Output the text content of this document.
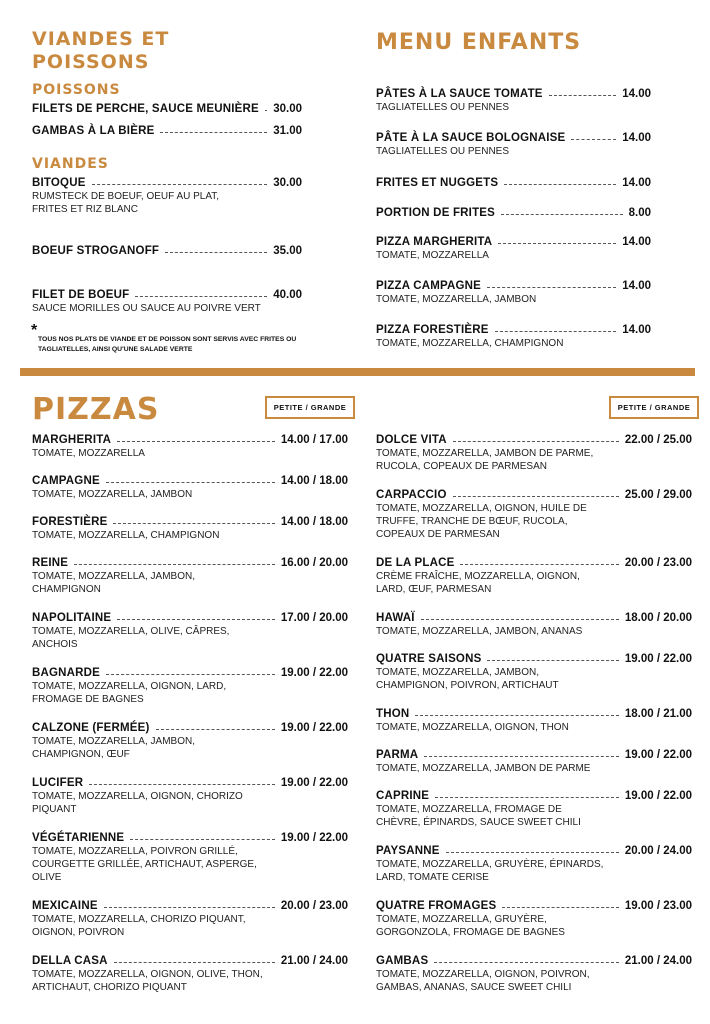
VIANDES ET
POISSONS
POISSONS
FILETS DE PERCHE, SAUCE MEUNIÈRE 30.00
GAMBAS À LA BIÈRE	31.00
VIANDES
BITOQUE	30.00
RUMSTECK DE BOEUF, OEUF AU PLAT, FRITES ET RIZ BLANC
BOEUF STROGANOFF	35.00
FILET DE BOEUF	40.00
SAUCE MORILLES OU SAUCE AU POIVRE VERT
*
TOUS NOS PLATS DE VIANDE ET DE POISSON SONT SERVIS AVEC FRITES OU TAGLIATELLES, AINSI QU'UNE SALADE VERTE
MENU ENFANTS
PÂTES À LA SAUCE TOMATE	14.00
TAGLIATELLES OU PENNES
PÂTE À LA SAUCE BOLOGNAISE	14.00
TAGLIATELLES OU PENNES
FRITES ET NUGGETS	14.00
PORTION DE FRITES	8.00
PIZZA MARGHERITA	14.00
TOMATE, MOZZARELLA
PIZZA CAMPAGNE	14.00
TOMATE, MOZZARELLA, JAMBON
PIZZA FORESTIÈRE	14.00
TOMATE, MOZZARELLA, CHAMPIGNON
PIZZAS	PETITE / GRANDE	PETITE / GRANDE
MARGHERITA	14.00 / 17.00
TOMATE, MOZZARELLA
CAMPAGNE	14.00 / 18.00
TOMATE, MOZZARELLA, JAMBON
FORESTIÈRE	14.00 / 18.00
TOMATE, MOZZARELLA, CHAMPIGNON
REINE	16.00 / 20.00
TOMATE, MOZZARELLA, JAMBON, CHAMPIGNON
NAPOLITAINE	17.00 / 20.00
TOMATE, MOZZARELLA, OLIVE, CÂPRES, ANCHOIS
BAGNARDE	19.00 / 22.00
TOMATE, MOZZARELLA, OIGNON, LARD, FROMAGE DE BAGNES
CALZONE (FERMÉE)	19.00 / 22.00
TOMATE, MOZZARELLA, JAMBON, CHAMPIGNON, ŒUF
LUCIFER	19.00 / 22.00
TOMATE, MOZZARELLA, OIGNON, CHORIZO PIQUANT
VÉGÉTARIENNE	19.00 / 22.00
TOMATE, MOZZARELLA, POIVRON GRILLÉ, COURGETTE GRILLÉE, ARTICHAUT, ASPERGE, OLIVE
MEXICAINE	20.00 / 23.00
TOMATE, MOZZARELLA, CHORIZO PIQUANT, OIGNON, POIVRON
DELLA CASA	21.00 / 24.00
TOMATE, MOZZARELLA, OIGNON, OLIVE, THON, ARTICHAUT, CHORIZO PIQUANT
DOLCE VITA	22.00 / 25.00
TOMATE, MOZZARELLA, JAMBON DE PARME, RUCOLA, COPEAUX DE PARMESAN
CARPACCIO	25.00 / 29.00
TOMATE, MOZZARELLA, OIGNON, HUILE DE TRUFFE, TRANCHE DE BŒUF, RUCOLA, COPEAUX DE PARMESAN
DE LA PLACE	20.00 / 23.00
CRÈME FRAÎCHE, MOZZARELLA, OIGNON, LARD, ŒUF, PARMESAN
HAWAÏ	18.00 / 20.00
TOMATE, MOZZARELLA, JAMBON, ANANAS
QUATRE SAISONS	19.00 / 22.00
TOMATE, MOZZARELLA, JAMBON, CHAMPIGNON, POIVRON, ARTICHAUT
THON	18.00 / 21.00
TOMATE, MOZZARELLA, OIGNON, THON
PARMA	19.00 / 22.00
TOMATE, MOZZARELLA, JAMBON DE PARME
CAPRINE	19.00 / 22.00
TOMATE, MOZZARELLA, FROMAGE DE CHÈVRE, ÉPINARDS, SAUCE SWEET CHILI
PAYSANNE	20.00 / 24.00
TOMATE, MOZZARELLA, GRUYÈRE, ÉPINARDS, LARD, TOMATE CERISE
QUATRE FROMAGES	19.00 / 23.00
TOMATE, MOZZARELLA, GRUYÈRE, GORGONZOLA, FROMAGE DE BAGNES
GAMBAS	21.00 / 24.00
TOMATE, MOZZARELLA, OIGNON, POIVRON, GAMBAS, ANANAS, SAUCE SWEET CHILI
